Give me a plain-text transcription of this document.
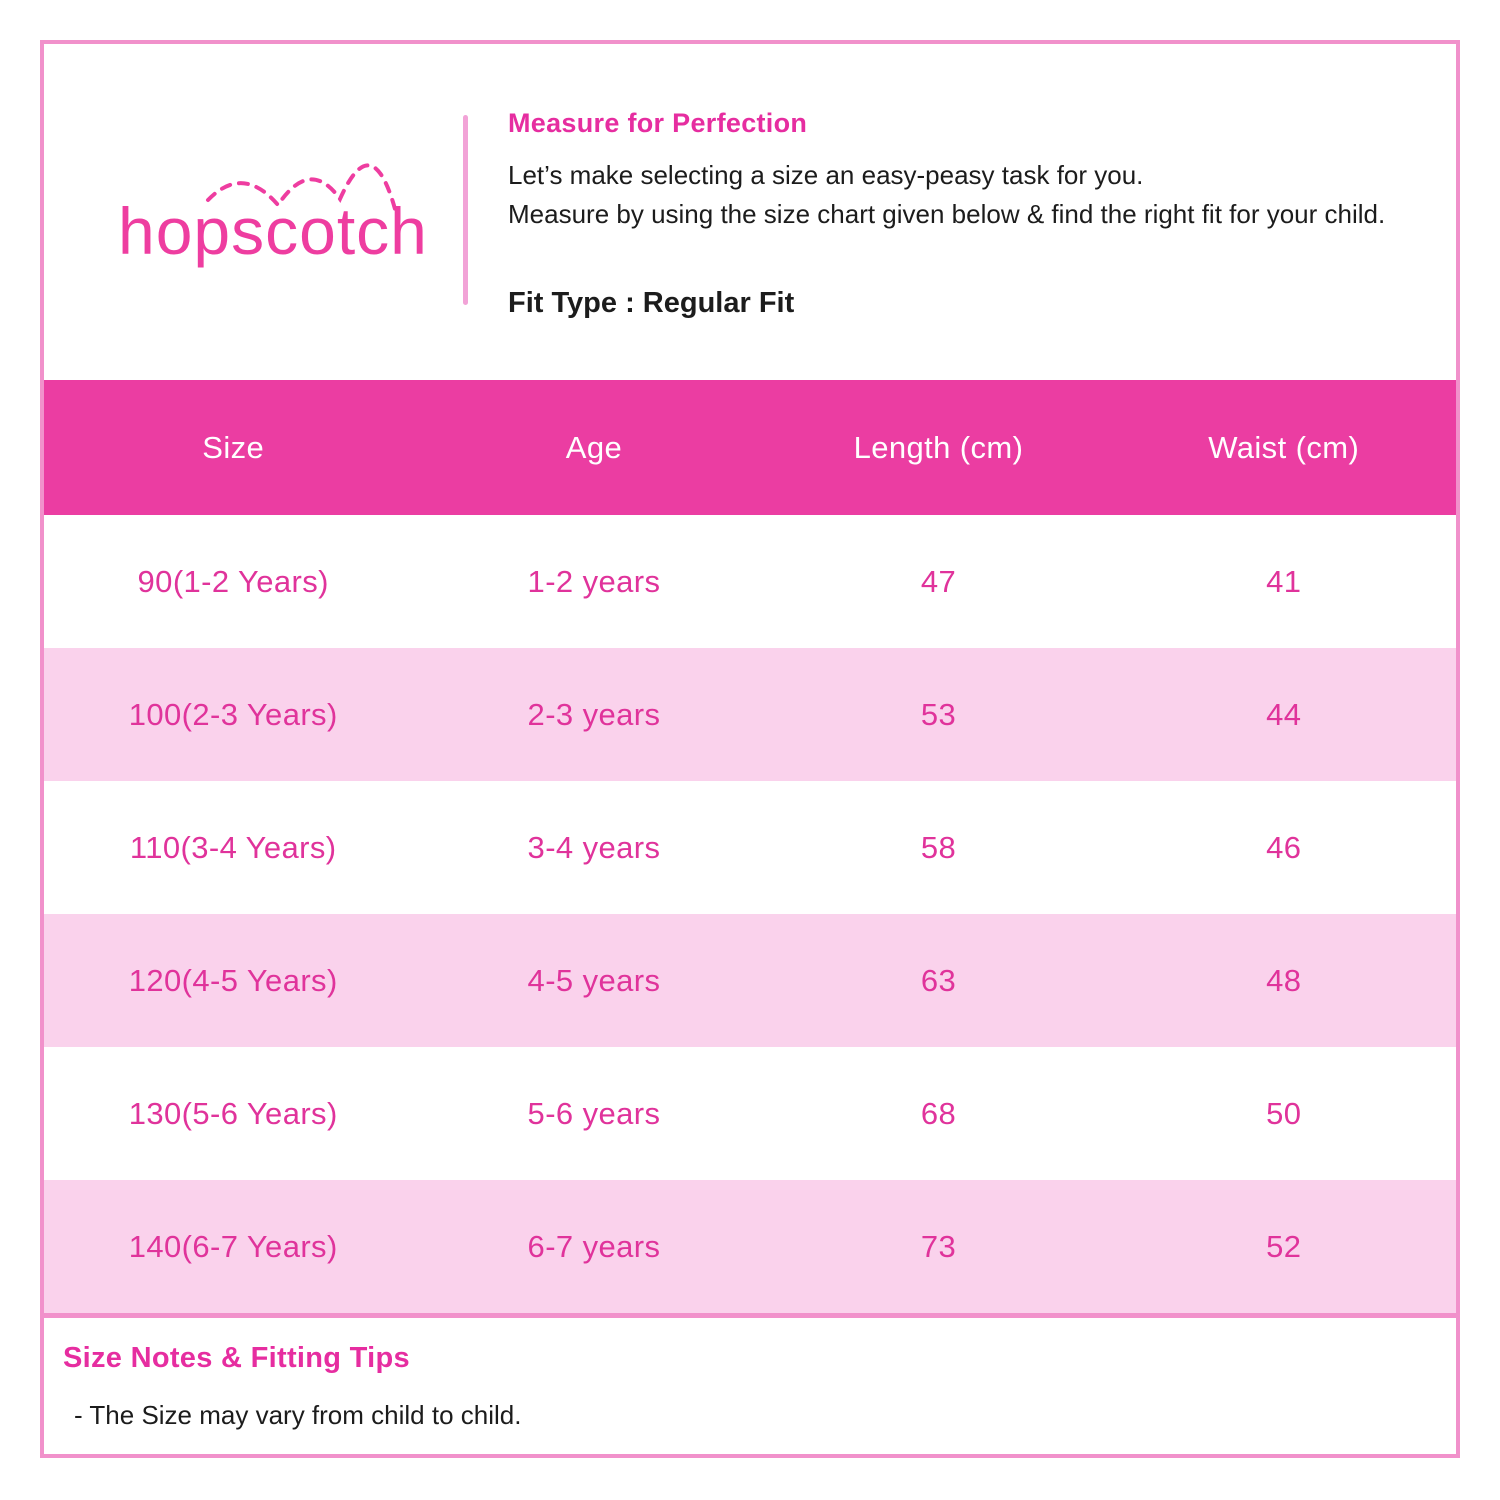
hopscotch
Measure for Perfection
Let’s make selecting a size an easy-peasy task for you.
Measure by using the size chart given below & find the right fit for your child.
Fit Type : Regular Fit
Size	Age	Length (cm)	Waist (cm)
90(1-2 Years)	1-2 years	47	41
100(2-3 Years)	2-3 years	53	44
110(3-4 Years)	3-4 years	58	46
120(4-5 Years)	4-5 years	63	48
130(5-6 Years)	5-6 years	68	50
140(6-7 Years)	6-7 years	73	52
Size Notes & Fitting Tips
- The Size may vary from child to child.
